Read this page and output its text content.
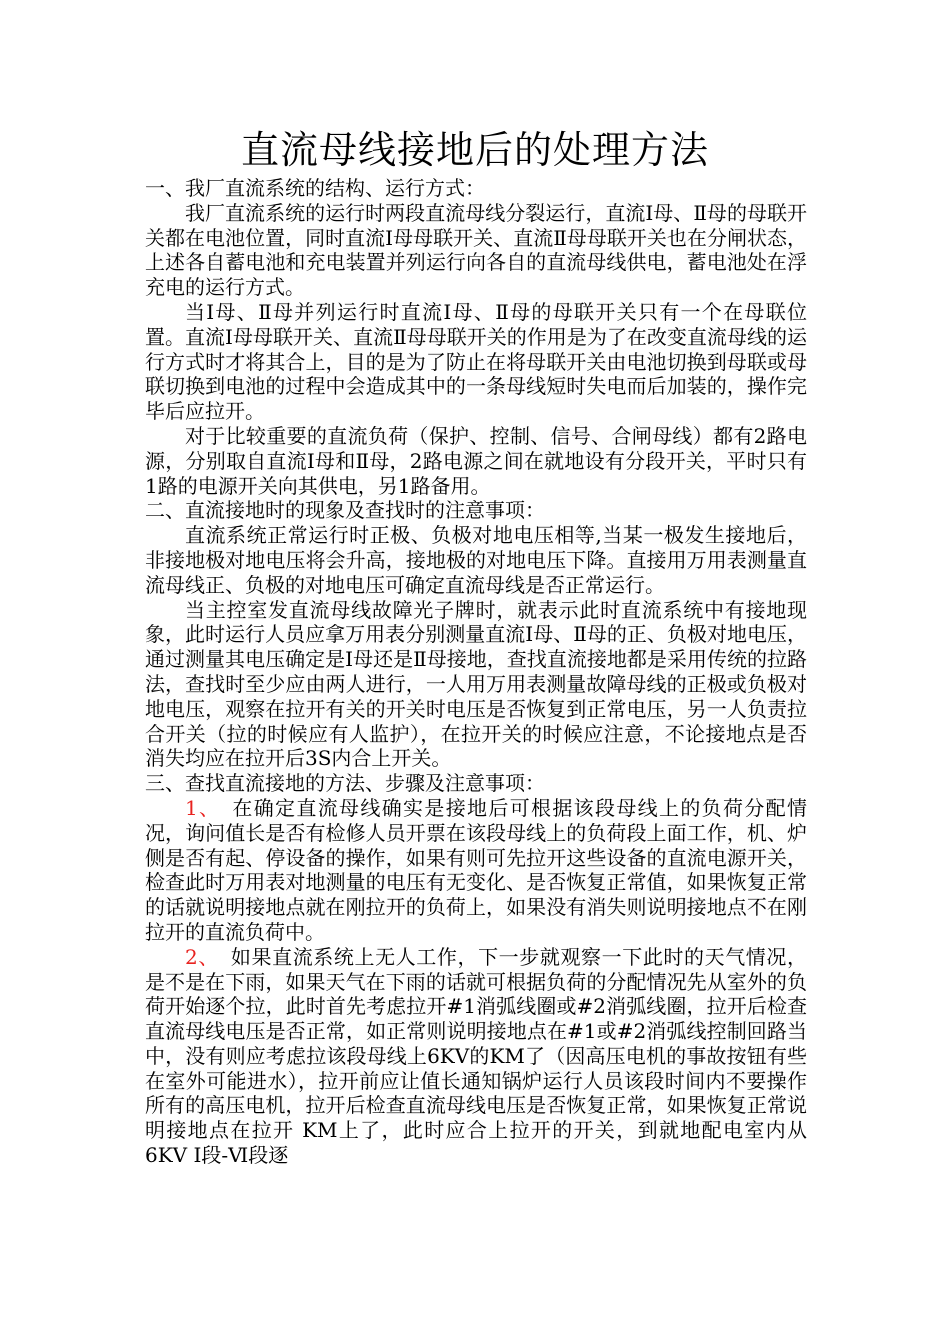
直流母线接地后的处理方法

一、我厂直流系统的结构、运行方式：

我厂直流系统的运行时两段直流母线分裂运行，直流Ⅰ母、Ⅱ母的母联开关都在电池位置，同时直流Ⅰ母母联开关、直流Ⅱ母母联开关也在分闸状态，上述各自蓄电池和充电装置并列运行向各自的直流母线供电，蓄电池处在浮充电的运行方式。

当Ⅰ母、Ⅱ母并列运行时直流Ⅰ母、Ⅱ母的母联开关只有一个在母联位置。直流Ⅰ母母联开关、直流Ⅱ母母联开关的作用是为了在改变直流母线的运行方式时才将其合上，目的是为了防止在将母联开关由电池切换到母联或母联切换到电池的过程中会造成其中的一条母线短时失电而后加装的，操作完毕后应拉开。

对于比较重要的直流负荷（保护、控制、信号、合闸母线）都有2路电源，分别取自直流Ⅰ母和Ⅱ母，2路电源之间在就地设有分段开关，平时只有1路的电源开关向其供电，另1路备用。

二、直流接地时的现象及查找时的注意事项：

直流系统正常运行时正极、负极对地电压相等,当某一极发生接地后，非接地极对地电压将会升高，接地极的对地电压下降。直接用万用表测量直流母线正、负极的对地电压可确定直流母线是否正常运行。

当主控室发直流母线故障光子牌时，就表示此时直流系统中有接地现象，此时运行人员应拿万用表分别测量直流Ⅰ母、Ⅱ母的正、负极对地电压，通过测量其电压确定是Ⅰ母还是Ⅱ母接地，查找直流接地都是采用传统的拉路法，查找时至少应由两人进行，一人用万用表测量故障母线的正极或负极对地电压，观察在拉开有关的开关时电压是否恢复到正常电压，另一人负责拉合开关（拉的时候应有人监护），在拉开关的时候应注意，不论接地点是否消失均应在拉开后3S内合上开关。

三、查找直流接地的方法、步骤及注意事项：

1、 在确定直流母线确实是接地后可根据该段母线上的负荷分配情况，询问值长是否有检修人员开票在该段母线上的负荷段上面工作，机、炉侧是否有起、停设备的操作，如果有则可先拉开这些设备的直流电源开关，检查此时万用表对地测量的电压有无变化、是否恢复正常值，如果恢复正常的话就说明接地点就在刚拉开的负荷上，如果没有消失则说明接地点不在刚拉开的直流负荷中。

2、 如果直流系统上无人工作，下一步就观察一下此时的天气情况，是不是在下雨，如果天气在下雨的话就可根据负荷的分配情况先从室外的负荷开始逐个拉，此时首先考虑拉开#1消弧线圈或#2消弧线圈，拉开后检查直流母线电压是否正常，如正常则说明接地点在#1或#2消弧线控制回路当中，没有则应考虑拉该段母线上6KV的KM了（因高压电机的事故按钮有些在室外可能进水），拉开前应让值长通知锅炉运行人员该段时间内不要操作所有的高压电机，拉开后检查直流母线电压是否恢复正常，如果恢复正常说明接地点在拉开 KM上了，此时应合上拉开的开关，到就地配电室内从6KV Ⅰ段-Ⅵ段逐
